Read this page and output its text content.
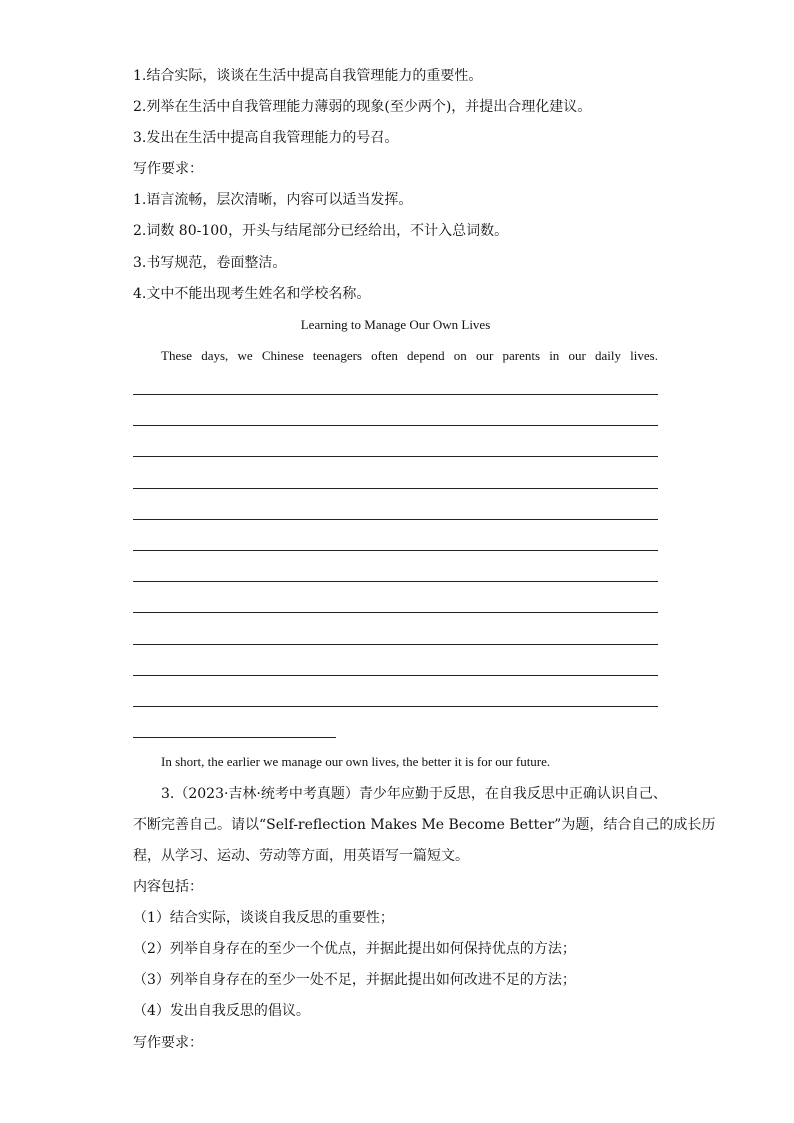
1.结合实际，谈谈在生活中提高自我管理能力的重要性。
2.列举在生活中自我管理能力薄弱的现象(至少两个)，并提出合理化建议。
3.发出在生活中提高自我管理能力的号召。
写作要求：
1.语言流畅，层次清晰，内容可以适当发挥。
2.词数 80-100，开头与结尾部分已经给出，不计入总词数。
3.书写规范，卷面整洁。
4.文中不能出现考生姓名和学校名称。
Learning to Manage Our Own Lives
These days, we Chinese teenagers often depend on our parents in our daily lives.
In short, the earlier we manage our own lives, the better it is for our future.
3.（2023·吉林·统考中考真题）青少年应勤于反思，在自我反思中正确认识自己、
不断完善自己。请以“Self-reflection Makes Me Become Better”为题，结合自己的成长历
程，从学习、运动、劳动等方面，用英语写一篇短文。
内容包括：
（1）结合实际，谈谈自我反思的重要性；
（2）列举自身存在的至少一个优点，并据此提出如何保持优点的方法；
（3）列举自身存在的至少一处不足，并据此提出如何改进不足的方法；
（4）发出自我反思的倡议。
写作要求：
